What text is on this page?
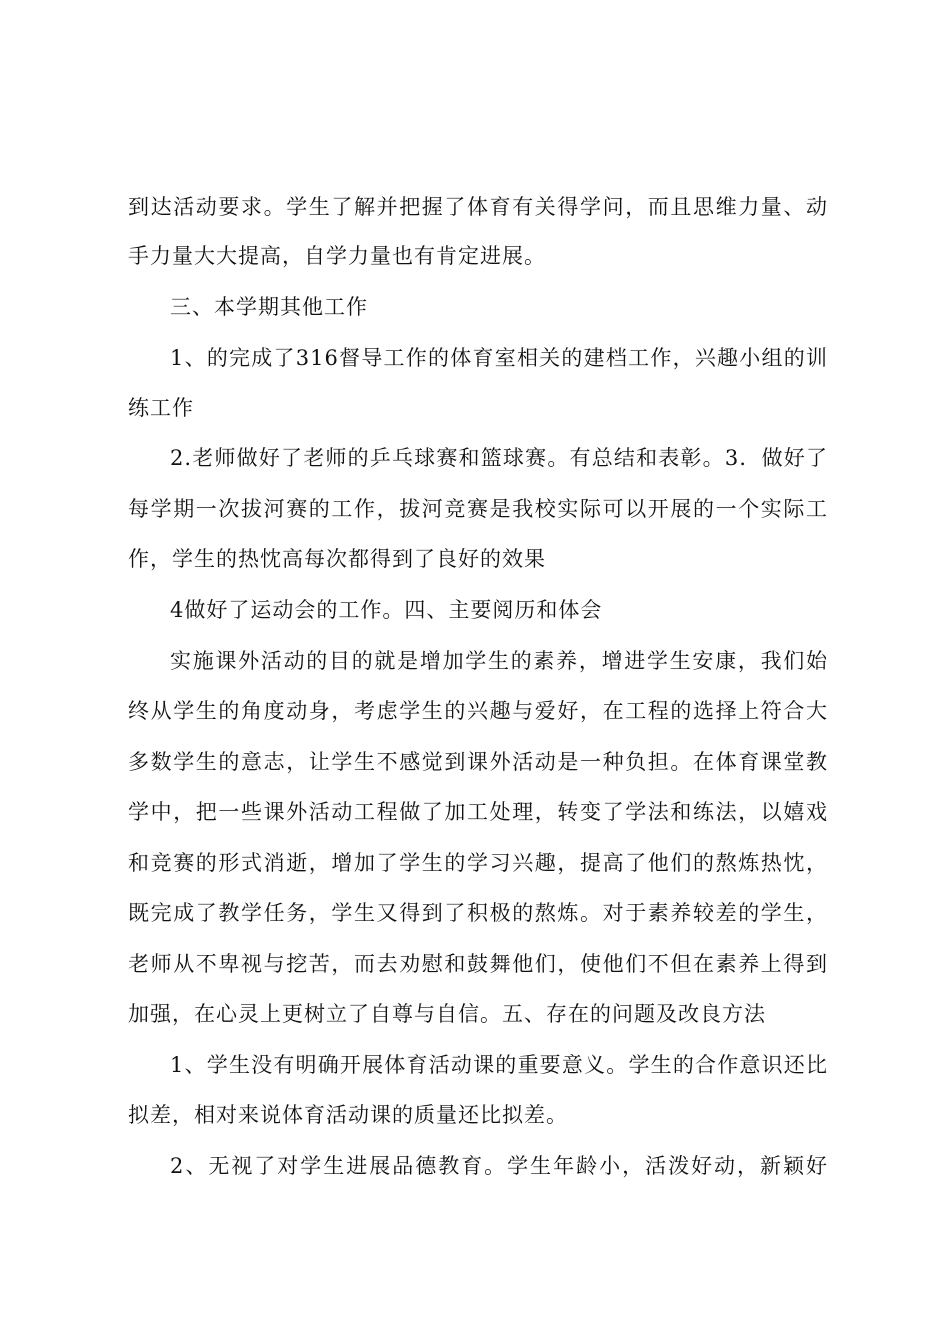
到达活动要求。学生了解并把握了体育有关得学问，而且思维力量、动
手力量大大提高，自学力量也有肯定进展。
三、本学期其他工作
1、的完成了316督导工作的体育室相关的建档工作，兴趣小组的训
练工作
2.老师做好了老师的乒乓球赛和篮球赛。有总结和表彰。3．做好了
每学期一次拔河赛的工作，拔河竞赛是我校实际可以开展的一个实际工
作，学生的热忱高每次都得到了良好的效果
4做好了运动会的工作。四、主要阅历和体会
实施课外活动的目的就是增加学生的素养，增进学生安康，我们始
终从学生的角度动身，考虑学生的兴趣与爱好，在工程的选择上符合大
多数学生的意志，让学生不感觉到课外活动是一种负担。在体育课堂教
学中，把一些课外活动工程做了加工处理，转变了学法和练法，以嬉戏
和竞赛的形式消逝，增加了学生的学习兴趣，提高了他们的熬炼热忱，
既完成了教学任务，学生又得到了积极的熬炼。对于素养较差的学生，
老师从不卑视与挖苦，而去劝慰和鼓舞他们，使他们不但在素养上得到
加强，在心灵上更树立了自尊与自信。五、存在的问题及改良方法
1、学生没有明确开展体育活动课的重要意义。学生的合作意识还比
拟差，相对来说体育活动课的质量还比拟差。
2、无视了对学生进展品德教育。学生年龄小，活泼好动，新颖好
